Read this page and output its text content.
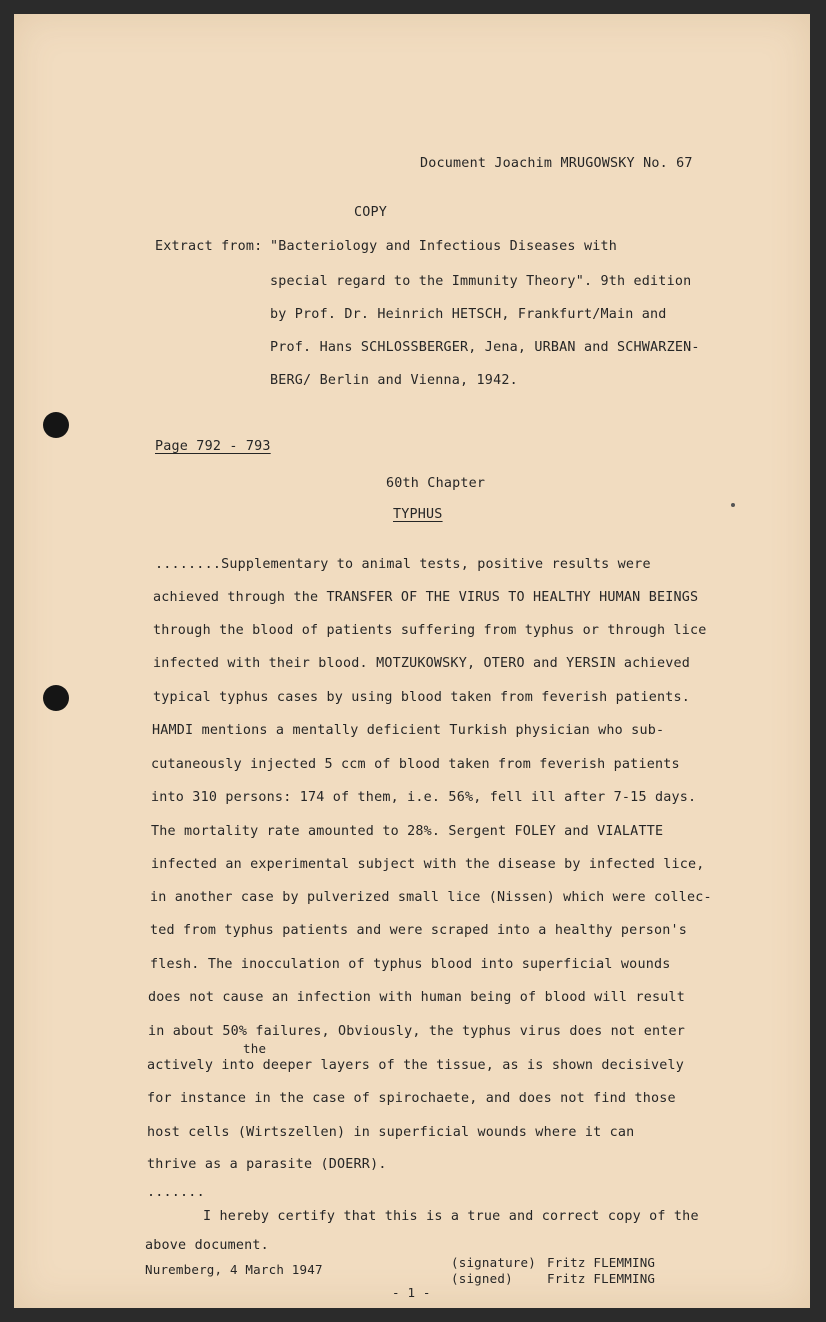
Document Joachim MRUGOWSKY No. 67
COPY
Extract from: "Bacteriology and Infectious Diseases with
special regard to the Immunity Theory". 9th edition
by Prof. Dr. Heinrich HETSCH, Frankfurt/Main and
Prof. Hans SCHLOSSBERGER, Jena, URBAN and SCHWARZEN-
BERG/ Berlin and Vienna, 1942.
Page 792 - 793
60th Chapter
TYPHUS
........Supplementary to animal tests, positive results were
achieved through the TRANSFER OF THE VIRUS TO HEALTHY HUMAN BEINGS
through the blood of patients suffering from typhus or through lice
infected with their blood. MOTZUKOWSKY, OTERO and YERSIN achieved
typical typhus cases by using blood taken from feverish patients.
HAMDI mentions a mentally deficient Turkish physician who sub-
cutaneously injected 5 ccm of blood taken from feverish patients
into 310 persons: 174 of them, i.e. 56%, fell ill after 7-15 days.
The mortality rate amounted to 28%. Sergent FOLEY and VIALATTE
infected an experimental subject with the disease by infected lice,
in another case by pulverized small lice (Nissen) which were collec-
ted from typhus patients and were scraped into a healthy person's
flesh. The inocculation of typhus blood into superficial wounds
does not cause an infection with human being of blood will result
in about 50% failures, Obviously, the typhus virus does not enter
the
actively into deeper layers of the tissue, as is shown decisively
for instance in the case of spirochaete, and does not find those
host cells (Wirtszellen) in superficial wounds where it can
thrive as a parasite (DOERR).
.......
I hereby certify that this is a true and correct copy of the
above document.
Nuremberg, 4 March 1947	(signature) Fritz FLEMMING
(signed)	Fritz FLEMMING
- 1 -
